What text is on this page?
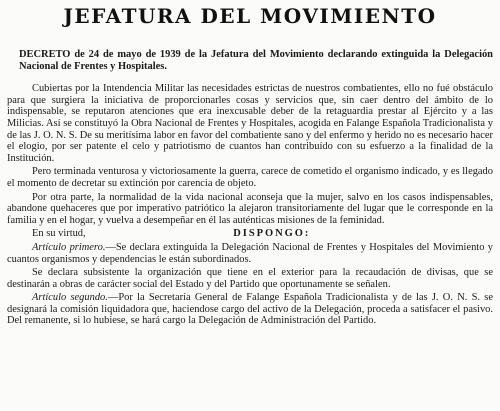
JEFATURA DEL MOVIMIENTO

DECRETO de 24 de mayo de 1939 de la Jefatura del Movimiento declarando extinguida la Delegación Nacional de Frentes y Hospitales.

Cubiertas por la Intendencia Militar las necesidades estrictas de nuestros combatientes, ello no fué obstáculo para que surgiera la iniciativa de proporcionarles cosas y servicios que, sin caer dentro del ámbito de lo indispensable, se reputaron atenciones que era inexcusable deber de la retaguardia prestar al Ejército y a las Milicias. Así se constituyó la Obra Nacional de Frentes y Hospitales, acogida en Falange Española Tradicionalista y de las J. O. N. S. De su meritísima labor en favor del combatiente sano y del enfermo y herido no es necesario hacer el elogio, por ser patente el celo y patriotismo de cuantos han contribuído con su esfuerzo a la finalidad de la Institución.

Pero terminada venturosa y victoriosamente la guerra, carece de cometido el organismo indicado, y es llegado el momento de decretar su extinción por carencia de objeto.

Por otra parte, la normalidad de la vida nacional aconseja que la mujer, salvo en los casos indispensables, abandone quehaceres que por imperativo patriótico la alejaron transitoriamente del lugar que le corresponde en la familia y en el hogar, y vuelva a desempeñar en él las auténticas misiones de la feminidad.

En su virtud,	DISPONGO:

Artículo primero.—Se declara extinguida la Delegación Nacional de Frentes y Hospitales del Movimiento y cuantos organismos y dependencias le están subordinados.

Se declara subsistente la organización que tiene en el exterior para la recaudación de divisas, que se destinarán a obras de carácter social del Estado y del Partido que oportunamente se señalen.

Artículo segundo.—Por la Secretaría General de Falange Española Tradicionalista y de las J. O. N. S. se designará la comisión liquidadora que, haciendose cargo del activo de la Delegación, proceda a satisfacer el pasivo. Del remanente, si lo hubiese, se hará cargo la Delegación de Administración del Partido.
